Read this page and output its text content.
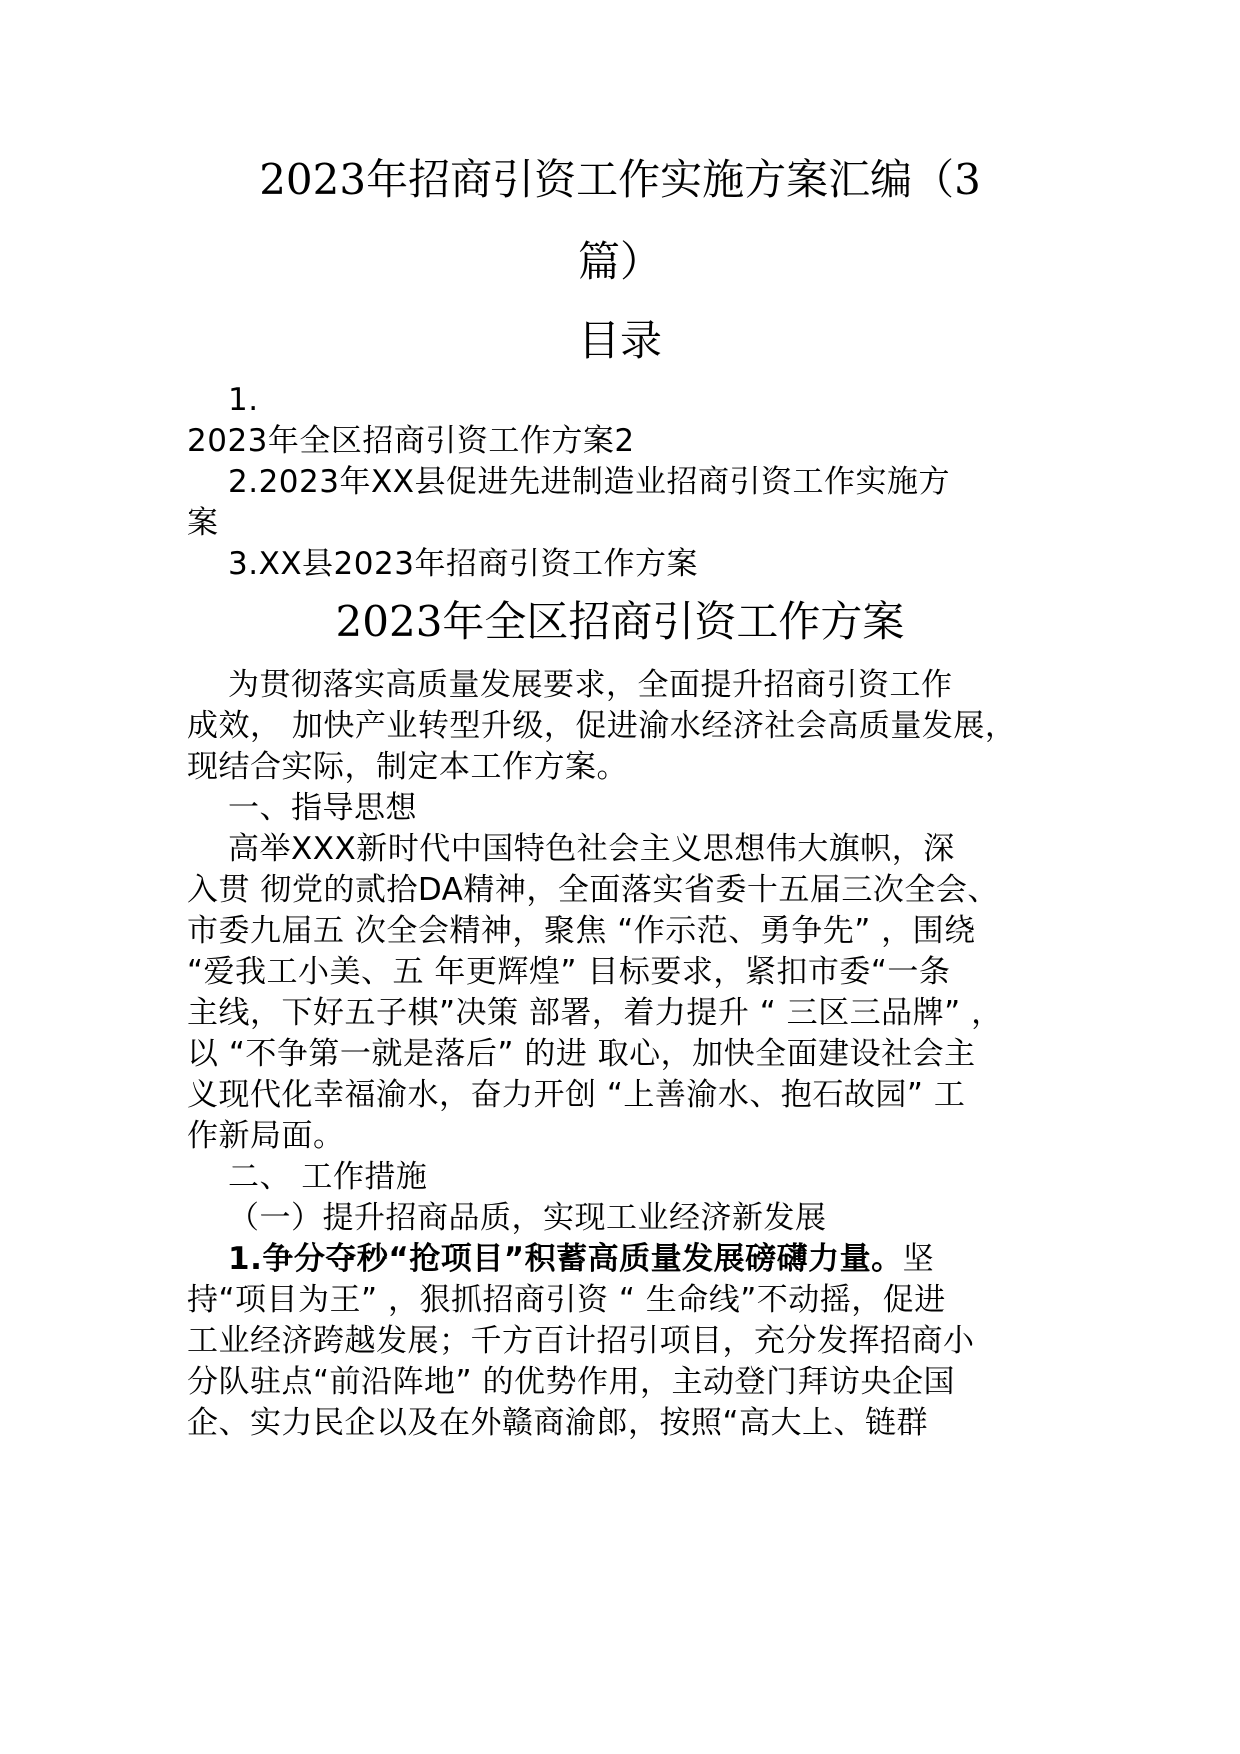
2023年招商引资工作实施方案汇编（3
篇）
目录
1.
2023年全区招商引资工作方案2
2.2023年XX县促进先进制造业招商引资工作实施方
案
3.XX县2023年招商引资工作方案
2023年全区招商引资工作方案
为贯彻落实高质量发展要求，全面提升招商引资工作
成效， 加快产业转型升级，促进渝水经济社会高质量发展，
现结合实际，制定本工作方案。
一、指导思想
高举XXX新时代中国特色社会主义思想伟大旗帜，深
入贯 彻党的贰拾DA精神，全面落实省委十五届三次全会、
市委九届五 次全会精神，聚焦 “作示范、勇争先” ，围绕
“爱我工小美、五 年更辉煌” 目标要求，紧扣市委“一条
主线，下好五子棋”决策 部署，着力提升 “ 三区三品牌” ，
以 “不争第一就是落后” 的进 取心，加快全面建设社会主
义现代化幸福渝水，奋力开创 “上善渝水、抱石故园” 工
作新局面。
二、 工作措施
（一）提升招商品质，实现工业经济新发展
1.争分夺秒“抢项目”积蓄高质量发展磅礴力量。坚
持“项目为王” ，狠抓招商引资 “ 生命线”不动摇，促进
工业经济跨越发展；千方百计招引项目，充分发挥招商小
分队驻点“前沿阵地” 的优势作用，主动登门拜访央企国
企、实力民企以及在外赣商渝郎，按照“高大上、链群
